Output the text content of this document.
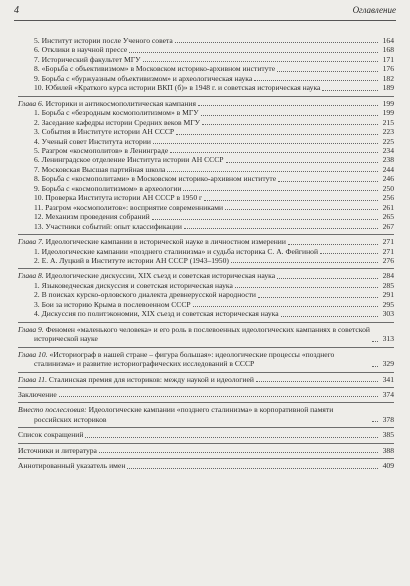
4	Оглавление
5. Институт истории после Ученого совета	164
6. Отклики в научной прессе	168
7. Исторический факультет МГУ	171
8. «Борьба с объективизмом» в Московском историко-архивном институте	176
9. Борьба с «буржуазным объективизмом» и археологическая наука	182
10. Юбилей «Краткого курса истории ВКП (б)» в 1948 г. и советская историческая наука	189
Глава 6. Историки и антикосмополитическая кампания	199
1. Борьба с «безродным космополитизмом» в МГУ	199
2. Заседание кафедры истории Средних веков МГУ	215
3. События в Институте истории АН СССР	223
4. Ученый совет Института истории	225
5. Разгром «космополитов» в Ленинграде	234
6. Ленинградское отделение Института истории АН СССР	238
7. Московская Высшая партийная школа	244
8. Борьба с «космополитами» в Московском историко-архивном институте	246
9. Борьба с «космополитизмом» в археологии	250
10. Проверка Института истории АН СССР в 1950 г	256
11. Разгром «космополитов»: восприятие современниками	261
12. Механизм проведения собраний	265
13. Участники событий: опыт классификации	267
Глава 7. Идеологические кампании в исторической науке в личностном измерении	271
1. Идеологические кампании «позднего сталинизма» и судьба историка С. А. Фейгиной	271
2. Е. А. Луцкий в Институте истории АН СССР (1943–1950)	276
Глава 8. Идеологические дискуссии, XIX съезд и советская историческая наука	284
1. Языковедческая дискуссия и советская историческая наука	285
2. В поисках курско-орловского диалекта древнерусской народности	291
3. Бои за историю Крыма в послевоенном СССР	295
4. Дискуссия по политэкономии, XIX съезд и советская историческая наука	303
Глава 9. Феномен «маленького человека» и его роль в послевоенных идеологических кампаниях в советской исторической науке	313
Глава 10. «Историограф в нашей стране – фигура большая»: идеологические процессы «позднего сталинизма» и развитие историографических исследований в СССР	329
Глава 11. Сталинская премия для историков: между наукой и идеологией	341
Заключение	374
Вместо послесловия: Идеологические кампании «позднего сталинизма» в корпоративной памяти российских историков	378
Список сокращений	385
Источники и литература	388
Аннотированный указатель имен	409
